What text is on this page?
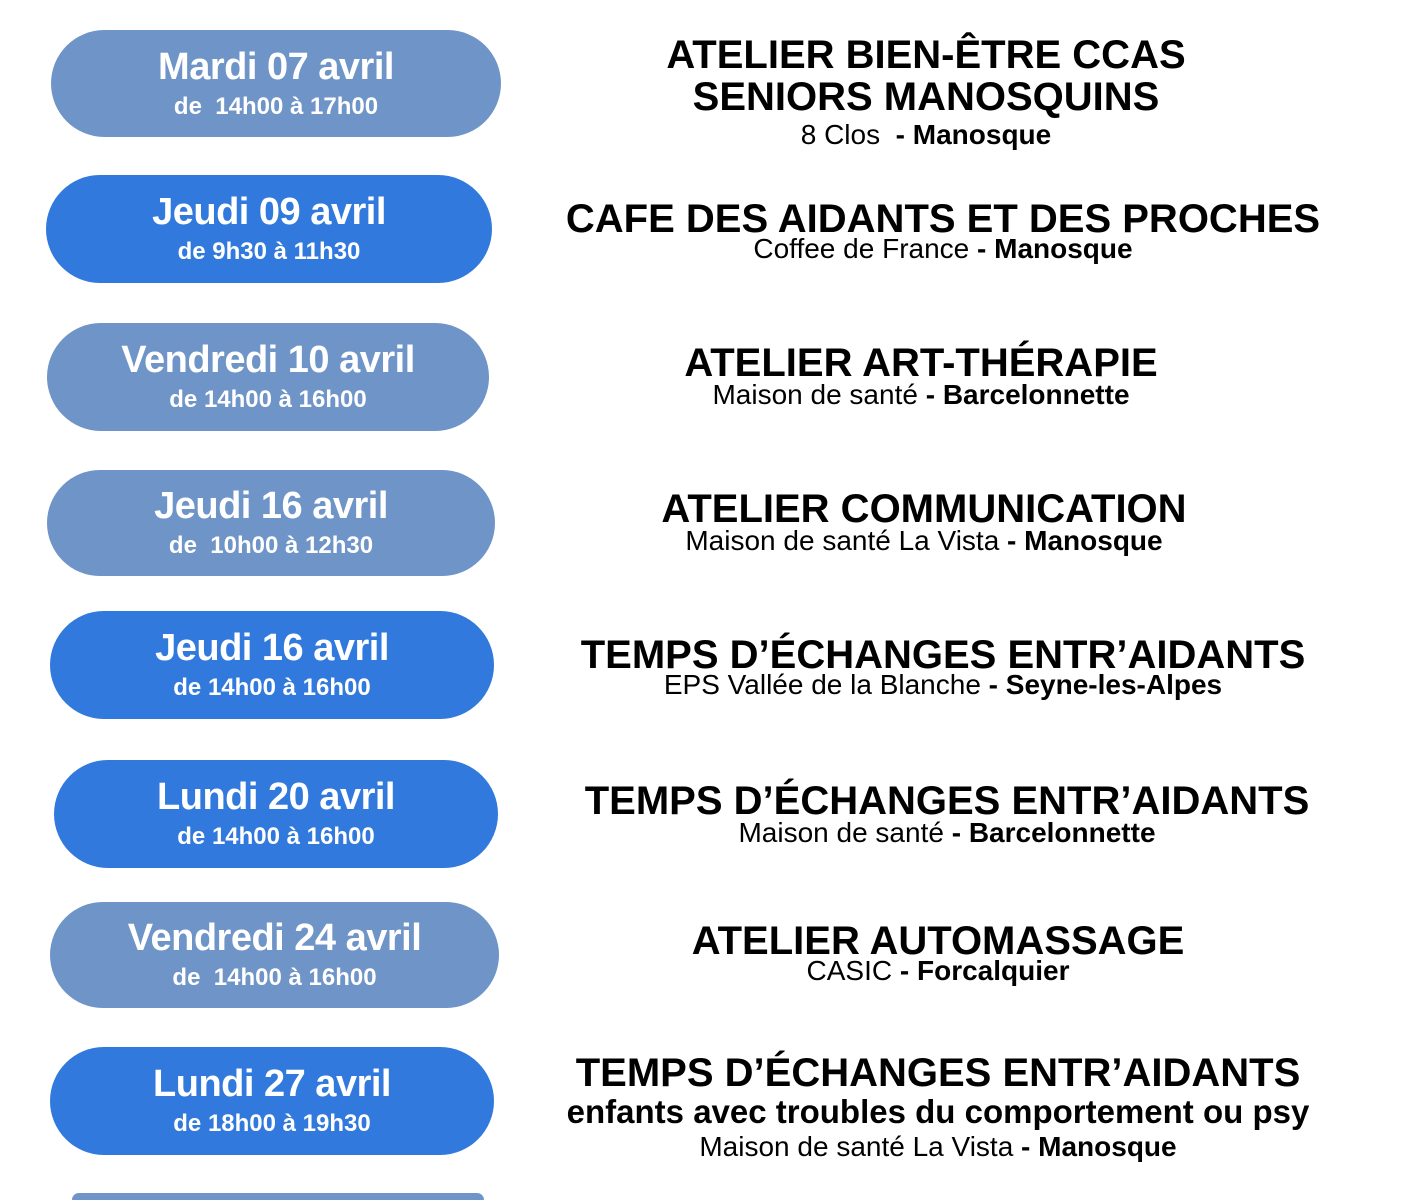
Mardi 07 avril
de  14h00 à 17h00
ATELIER BIEN-ÊTRE CCAS
SENIORS MANOSQUINS
8 Clos  - Manosque
Jeudi 09 avril
de 9h30 à 11h30
CAFE DES AIDANTS ET DES PROCHES
Coffee de France - Manosque
Vendredi 10 avril
de 14h00 à 16h00
ATELIER ART-THÉRAPIE
Maison de santé - Barcelonnette
Jeudi 16 avril
de  10h00 à 12h30
ATELIER COMMUNICATION
Maison de santé La Vista - Manosque
Jeudi 16 avril
de 14h00 à 16h00
TEMPS D’ÉCHANGES ENTR’AIDANTS
EPS Vallée de la Blanche - Seyne-les-Alpes
Lundi 20 avril
de 14h00 à 16h00
TEMPS D’ÉCHANGES ENTR’AIDANTS
Maison de santé - Barcelonnette
Vendredi 24 avril
de  14h00 à 16h00
ATELIER AUTOMASSAGE
CASIC - Forcalquier
Lundi 27 avril
de 18h00 à 19h30
TEMPS D’ÉCHANGES ENTR’AIDANTS
enfants avec troubles du comportement ou psy
Maison de santé La Vista - Manosque
